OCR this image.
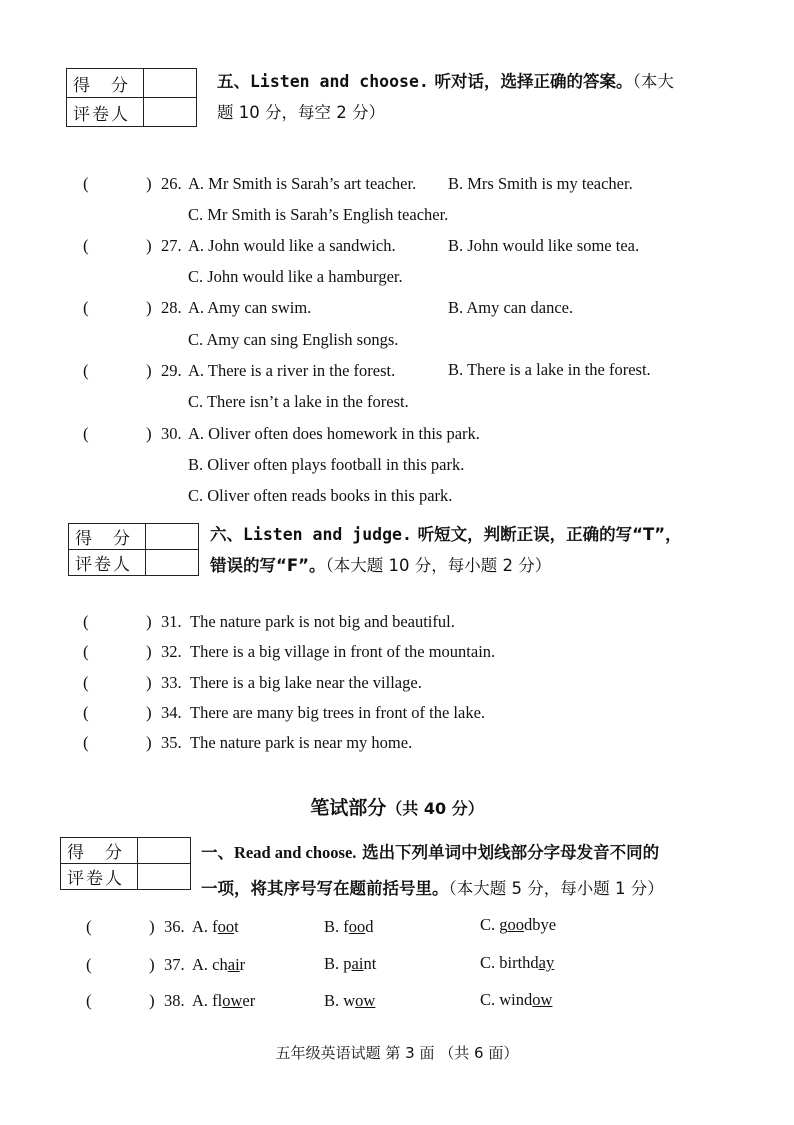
得　分	
评卷人	
五、Listen and choose. 听对话，选择正确的答案。（本大
题 10 分，每空 2 分）
(	) 26. A. Mr Smith is Sarah’s art teacher. B. Mrs Smith is my teacher.
C. Mr Smith is Sarah’s English teacher.
(	) 27. A. John would like a sandwich.	B. John would like some tea.
C. John would like a hamburger.
(	) 28. A. Amy can swim.	B. Amy can dance.
C. Amy can sing English songs.
(	) 29. A. There is a river in the forest.	B. There is a lake in the forest.
C. There isn’t a lake in the forest.
(	) 30. A. Oliver often does homework in this park.
B. Oliver often plays football in this park.
C. Oliver often reads books in this park.
得　分	
评卷人	
六、Listen and judge. 听短文，判断正误，正确的写“T”，
错误的写“F”。（本大题 10 分，每小题 2 分）
(	) 31. The nature park is not big and beautiful.
(	) 32. There is a big village in front of the mountain.
(	) 33. There is a big lake near the village.
(	) 34. There are many big trees in front of the lake.
(	) 35. The nature park is near my home.
笔试部分（共 40 分）
得　分	
评卷人	
一、Read and choose. 选出下列单词中划线部分字母发音不同的
一项，将其序号写在题前括号里。（本大题 5 分，每小题 1 分）
(	) 36. A. foot	B. food	C. goodbye
(	) 37. A. chair	B. paint	C. birthday
(	) 38. A. flower	B. wow	C. window
五年级英语试题 第 3 面 （共 6 面）
